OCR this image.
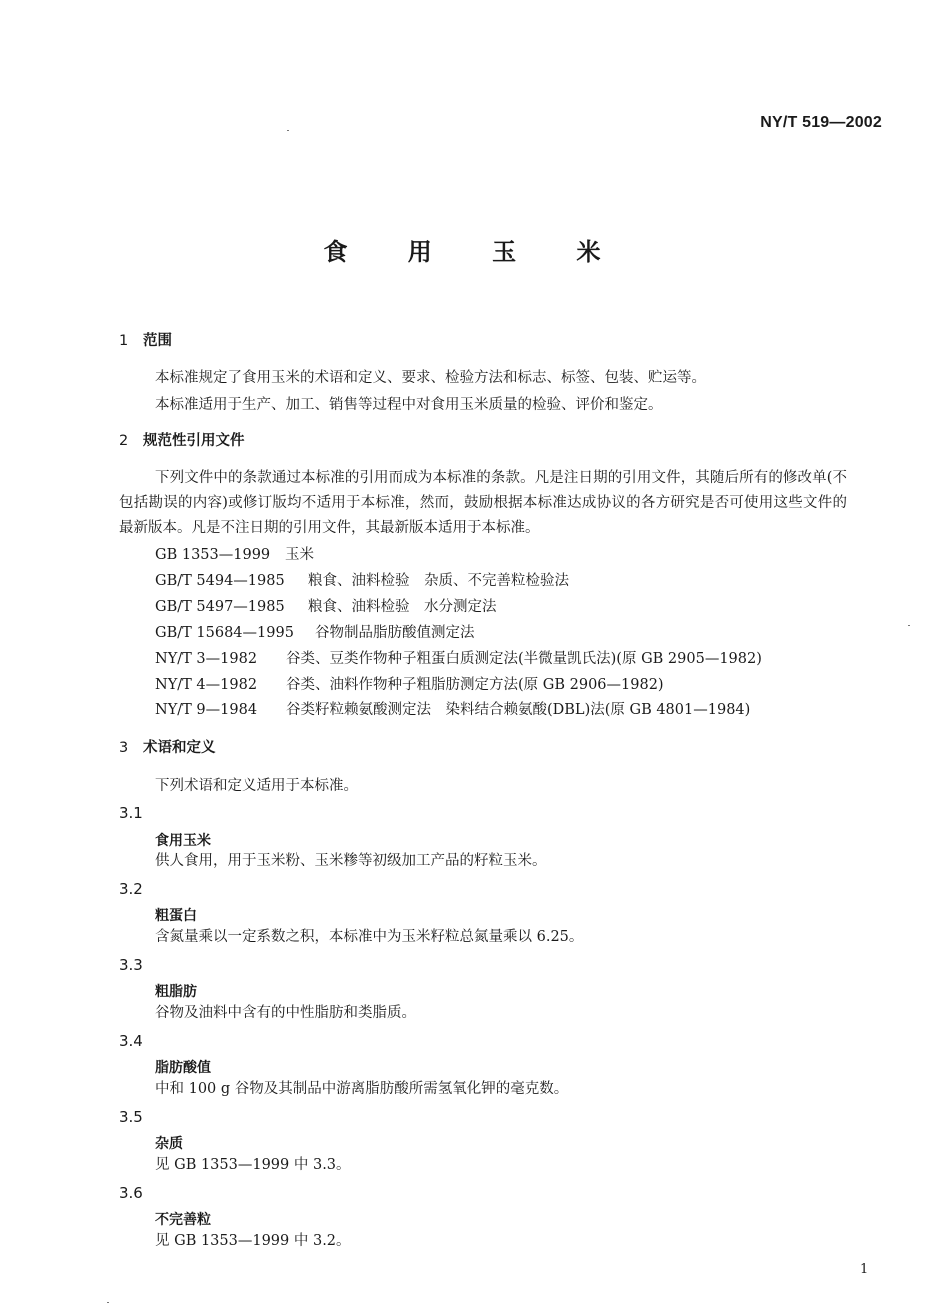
NY/T 519—2002
食 用 玉 米
1 范围
本标准规定了食用玉米的术语和定义、要求、检验方法和标志、标签、包装、贮运等。
本标准适用于生产、加工、销售等过程中对食用玉米质量的检验、评价和鉴定。
2 规范性引用文件
下列文件中的条款通过本标准的引用而成为本标准的条款。凡是注日期的引用文件，其随后所有的修改单(不包括勘误的内容)或修订版均不适用于本标准，然而，鼓励根据本标准达成协议的各方研究是否可使用这些文件的最新版本。凡是不注日期的引用文件，其最新版本适用于本标准。
GB 1353—1999 玉米
GB/T 5494—1985 粮食、油料检验　杂质、不完善粒检验法
GB/T 5497—1985 粮食、油料检验　水分测定法
GB/T 15684—1995 谷物制品脂肪酸值测定法
NY/T 3—1982 谷类、豆类作物种子粗蛋白质测定法(半微量凯氏法)(原 GB 2905—1982)
NY/T 4—1982 谷类、油料作物种子粗脂肪测定方法(原 GB 2906—1982)
NY/T 9—1984 谷类籽粒赖氨酸测定法　染料结合赖氨酸(DBL)法(原 GB 4801—1984)
3 术语和定义
下列术语和定义适用于本标准。
3.1
食用玉米
供人食用，用于玉米粉、玉米糁等初级加工产品的籽粒玉米。
3.2
粗蛋白
含氮量乘以一定系数之积，本标准中为玉米籽粒总氮量乘以 6.25。
3.3
粗脂肪
谷物及油料中含有的中性脂肪和类脂质。
3.4
脂肪酸值
中和 100 g 谷物及其制品中游离脂肪酸所需氢氧化钾的毫克数。
3.5
杂质
见 GB 1353—1999 中 3.3。
3.6
不完善粒
见 GB 1353—1999 中 3.2。
1
